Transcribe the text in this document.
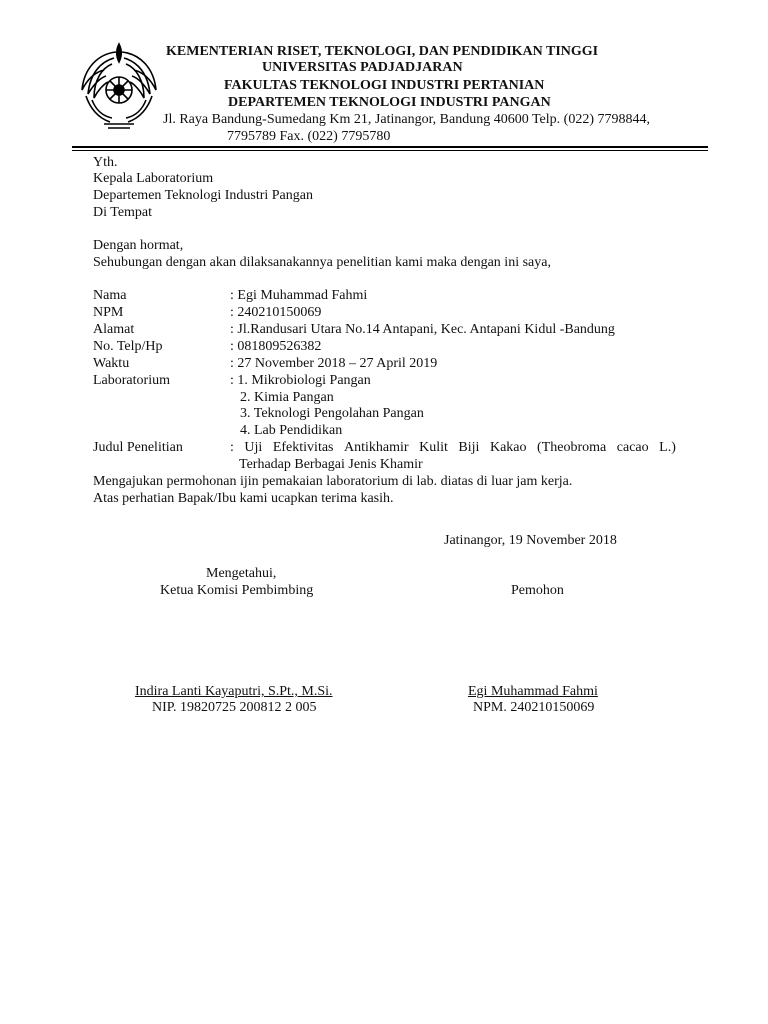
KEMENTERIAN RISET, TEKNOLOGI, DAN PENDIDIKAN TINGGI
UNIVERSITAS PADJADJARAN
FAKULTAS TEKNOLOGI INDUSTRI PERTANIAN
DEPARTEMEN TEKNOLOGI INDUSTRI PANGAN
Jl. Raya Bandung-Sumedang Km 21, Jatinangor, Bandung 40600 Telp. (022) 7798844,
7795789 Fax. (022) 7795780
Yth.
Kepala Laboratorium
Departemen Teknologi Industri Pangan
Di Tempat
Dengan hormat,
Sehubungan dengan akan dilaksanakannya penelitian kami maka dengan ini saya,
Nama	: Egi Muhammad Fahmi
NPM	: 240210150069
Alamat	: Jl.Randusari Utara No.14 Antapani, Kec. Antapani Kidul -Bandung
No. Telp/Hp	: 081809526382
Waktu	: 27 November 2018 – 27 April 2019
Laboratorium	: 1. Mikrobiologi Pangan
2. Kimia Pangan
3. Teknologi Pengolahan Pangan
4. Lab Pendidikan
Judul Penelitian	: Uji Efektivitas Antikhamir Kulit Biji Kakao (Theobroma cacao L.)
Terhadap Berbagai Jenis Khamir
Mengajukan permohonan ijin pemakaian laboratorium di lab. diatas di luar jam kerja.
Atas perhatian Bapak/Ibu kami ucapkan terima kasih.
Jatinangor, 19 November 2018
Mengetahui,
Ketua Komisi Pembimbing	Pemohon
Indira Lanti Kayaputri, S.Pt., M.Si.
NIP. 19820725 200812 2 005
Egi Muhammad Fahmi
NPM. 240210150069
